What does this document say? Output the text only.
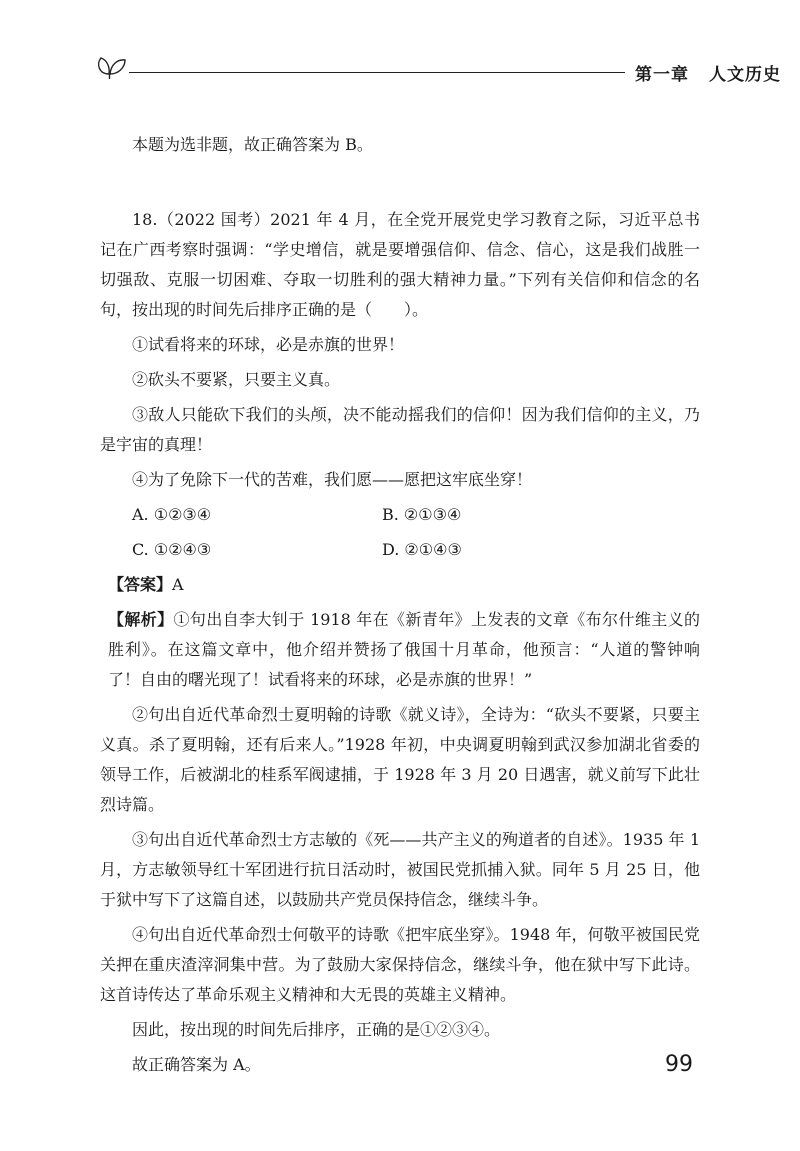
第一章 人文历史

本题为选非题，故正确答案为 B。

18.（2022 国考）2021 年 4 月，在全党开展党史学习教育之际，习近平总书记在广西考察时强调：“学史增信，就是要增强信仰、信念、信心，这是我们战胜一切强敌、克服一切困难、夺取一切胜利的强大精神力量。”下列有关信仰和信念的名句，按出现的时间先后排序正确的是（　　）。

①试看将来的环球，必是赤旗的世界！

②砍头不要紧，只要主义真。

③敌人只能砍下我们的头颅，决不能动摇我们的信仰！因为我们信仰的主义，乃是宇宙的真理！

④为了免除下一代的苦难，我们愿——愿把这牢底坐穿！

A. ①②③④	B. ②①③④
C. ①②④③	D. ②①④③

【答案】A

【解析】①句出自李大钊于 1918 年在《新青年》上发表的文章《布尔什维主义的胜利》。在这篇文章中，他介绍并赞扬了俄国十月革命，他预言：“人道的警钟响了！自由的曙光现了！试看将来的环球，必是赤旗的世界！”

②句出自近代革命烈士夏明翰的诗歌《就义诗》，全诗为：“砍头不要紧，只要主义真。杀了夏明翰，还有后来人。”1928 年初，中央调夏明翰到武汉参加湖北省委的领导工作，后被湖北的桂系军阀逮捕，于 1928 年 3 月 20 日遇害，就义前写下此壮烈诗篇。

③句出自近代革命烈士方志敏的《死——共产主义的殉道者的自述》。1935 年 1 月，方志敏领导红十军团进行抗日活动时，被国民党抓捕入狱。同年 5 月 25 日，他于狱中写下了这篇自述，以鼓励共产党员保持信念，继续斗争。

④句出自近代革命烈士何敬平的诗歌《把牢底坐穿》。1948 年，何敬平被国民党关押在重庆渣滓洞集中营。为了鼓励大家保持信念，继续斗争，他在狱中写下此诗。这首诗传达了革命乐观主义精神和大无畏的英雄主义精神。

因此，按出现的时间先后排序，正确的是①②③④。

故正确答案为 A。	99
